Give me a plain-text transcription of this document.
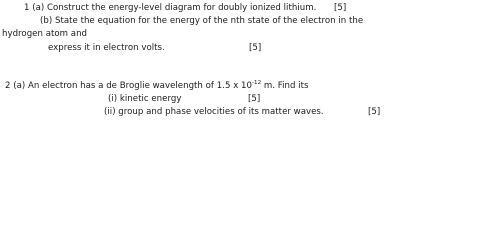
1 (a) Construct the energy-level diagram for doubly ionized lithium. [5]
(b) State the equation for the energy of the nth state of the electron in the
hydrogen atom and
express it in electron volts.	[5]
2 (a) An electron has a de Broglie wavelength of 1.5 x $10^{-12}$ m. Find its
(i) kinetic energy	[5]
(ii) group and phase velocities of its matter waves.	[5]
